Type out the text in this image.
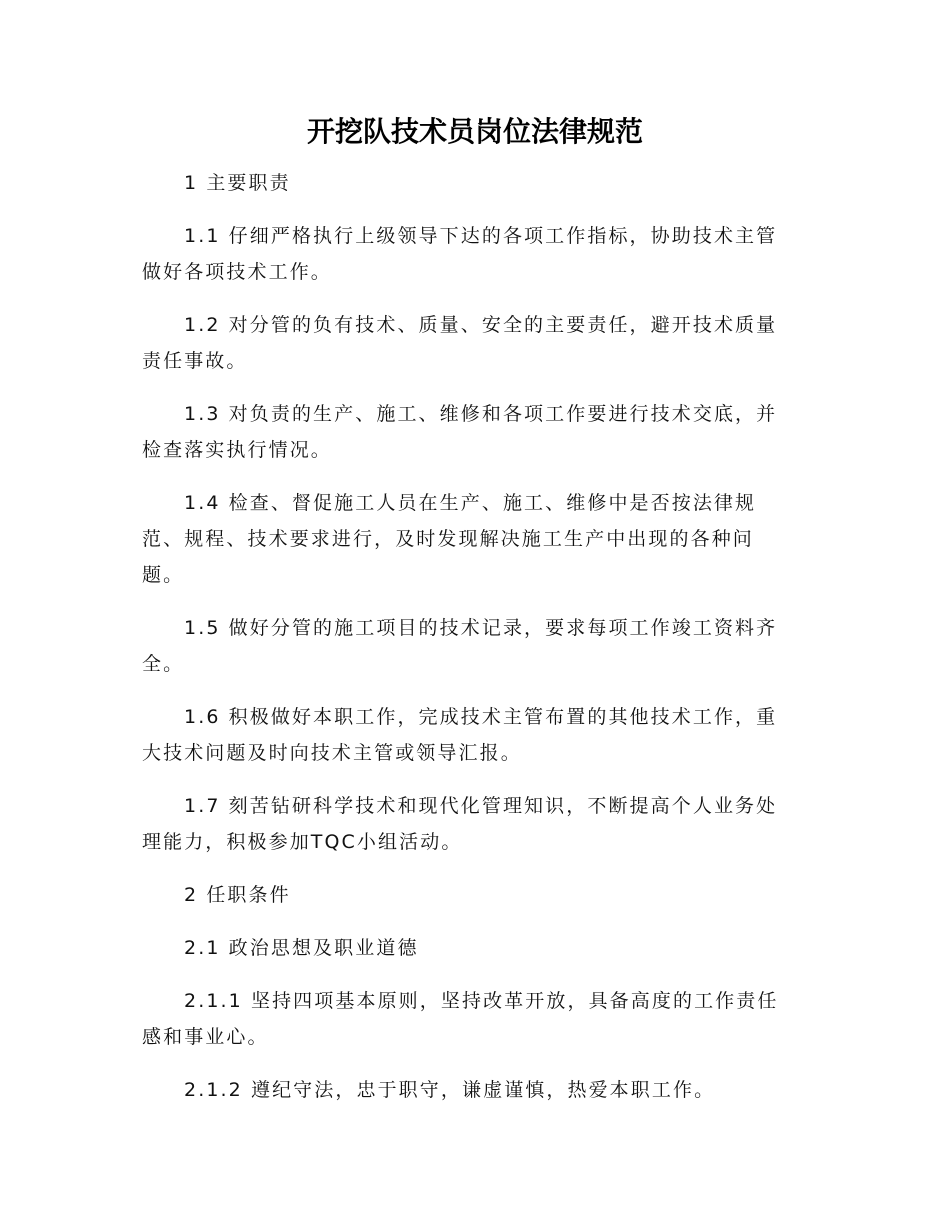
开挖队技术员岗位法律规范

1 主要职责

1.1 仔细严格执行上级领导下达的各项工作指标，协助技术主管做好各项技术工作。

1.2 对分管的负有技术、质量、安全的主要责任，避开技术质量责任事故。

1.3 对负责的生产、施工、维修和各项工作要进行技术交底，并检查落实执行情况。

1.4 检查、督促施工人员在生产、施工、维修中是否按法律规范、规程、技术要求进行，及时发现解决施工生产中出现的各种问题。

1.5 做好分管的施工项目的技术记录，要求每项工作竣工资料齐全。

1.6 积极做好本职工作，完成技术主管布置的其他技术工作，重大技术问题及时向技术主管或领导汇报。

1.7 刻苦钻研科学技术和现代化管理知识，不断提高个人业务处理能力，积极参加TQC小组活动。

2 任职条件

2.1 政治思想及职业道德

2.1.1 坚持四项基本原则，坚持改革开放，具备高度的工作责任感和事业心。

2.1.2 遵纪守法，忠于职守，谦虚谨慎，热爱本职工作。
